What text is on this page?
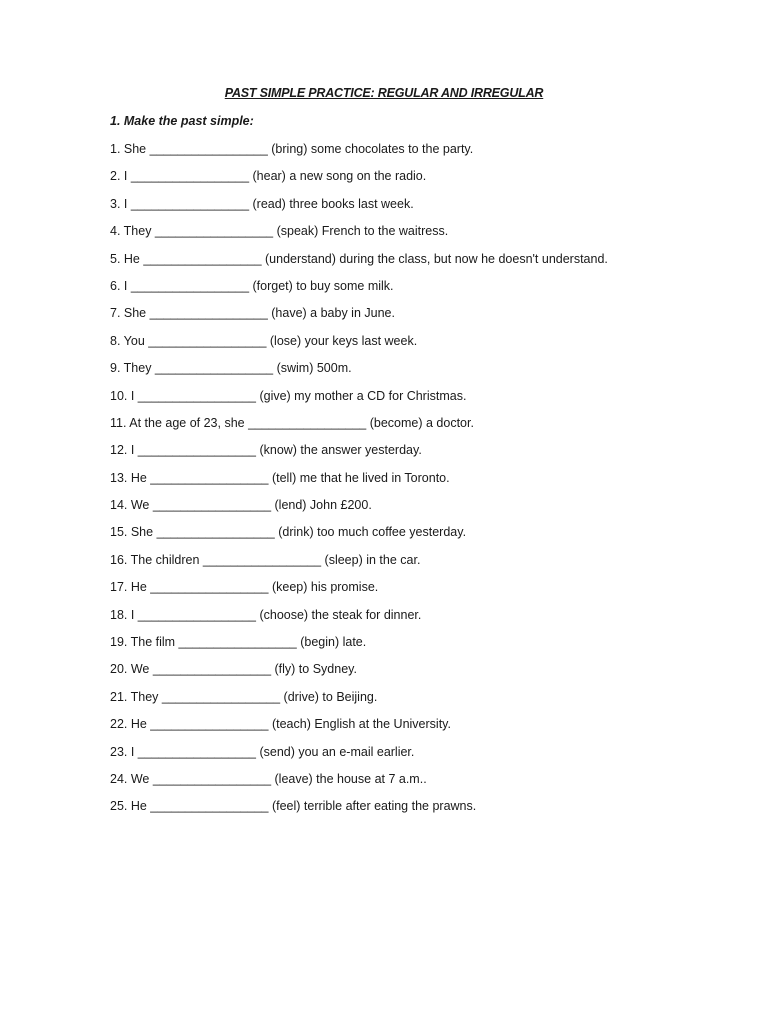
PAST SIMPLE PRACTICE: REGULAR AND IRREGULAR
1. Make the past simple:
1. She _________________ (bring) some chocolates to the party.
2. I _________________ (hear) a new song on the radio.
3. I _________________ (read) three books last week.
4. They _________________ (speak) French to the waitress.
5. He _________________ (understand) during the class, but now he doesn't understand.
6. I _________________ (forget) to buy some milk.
7. She _________________ (have) a baby in June.
8. You _________________ (lose) your keys last week.
9. They _________________ (swim) 500m.
10. I _________________ (give) my mother a CD for Christmas.
11. At the age of 23, she _________________ (become) a doctor.
12. I _________________ (know) the answer yesterday.
13. He _________________ (tell) me that he lived in Toronto.
14. We _________________ (lend) John £200.
15. She _________________ (drink) too much coffee yesterday.
16. The children _________________ (sleep) in the car.
17. He _________________ (keep) his promise.
18. I _________________ (choose) the steak for dinner.
19. The film _________________ (begin) late.
20. We _________________ (fly) to Sydney.
21. They _________________ (drive) to Beijing.
22. He _________________ (teach) English at the University.
23. I _________________ (send) you an e-mail earlier.
24. We _________________ (leave) the house at 7 a.m..
25. He _________________ (feel) terrible after eating the prawns.
